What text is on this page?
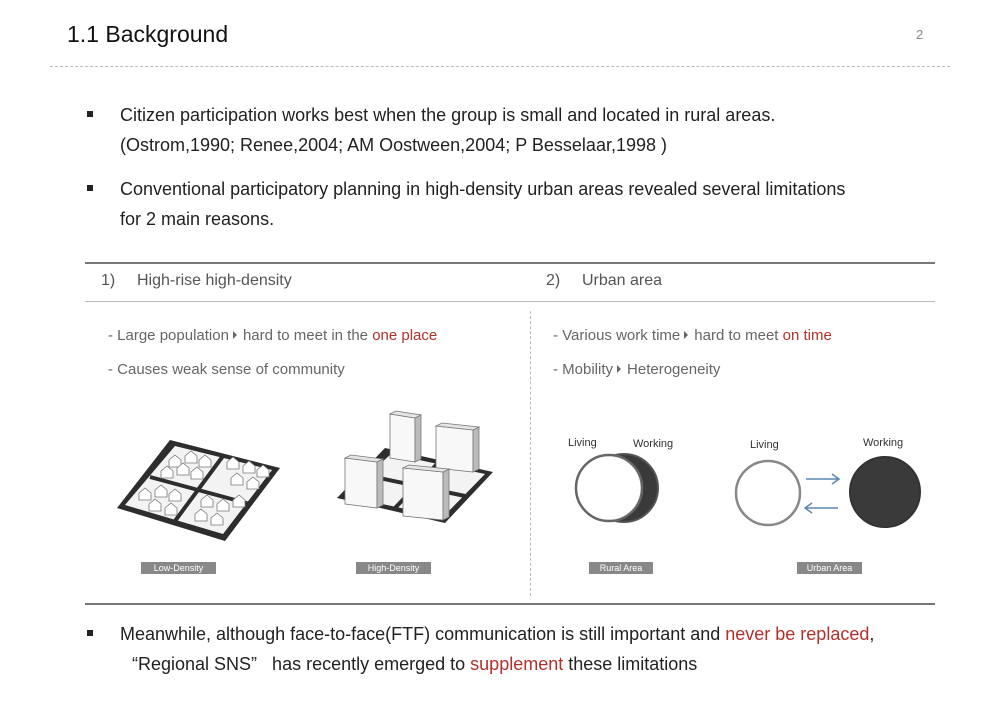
1.1 Background	2
Citizen participation works best when the group is small and located in rural areas.
(Ostrom,1990; Renee,2004; AM Oostween,2004; P Besselaar,1998 )
Conventional participatory planning in high-density urban areas revealed several limitations
for 2 main reasons.
1) High-rise high-density	2) Urban area
- Large population hard to meet in the one place
- Causes weak sense of community
- Various work time hard to meet on time
- Mobility Heterogeneity
Low-Density	High-Density
Living	Working
Rural Area
Living	Working
Urban Area
Meanwhile, although face-to-face(FTF) communication is still important and never be replaced,
“Regional SNS”   has recently emerged to supplement these limitations
